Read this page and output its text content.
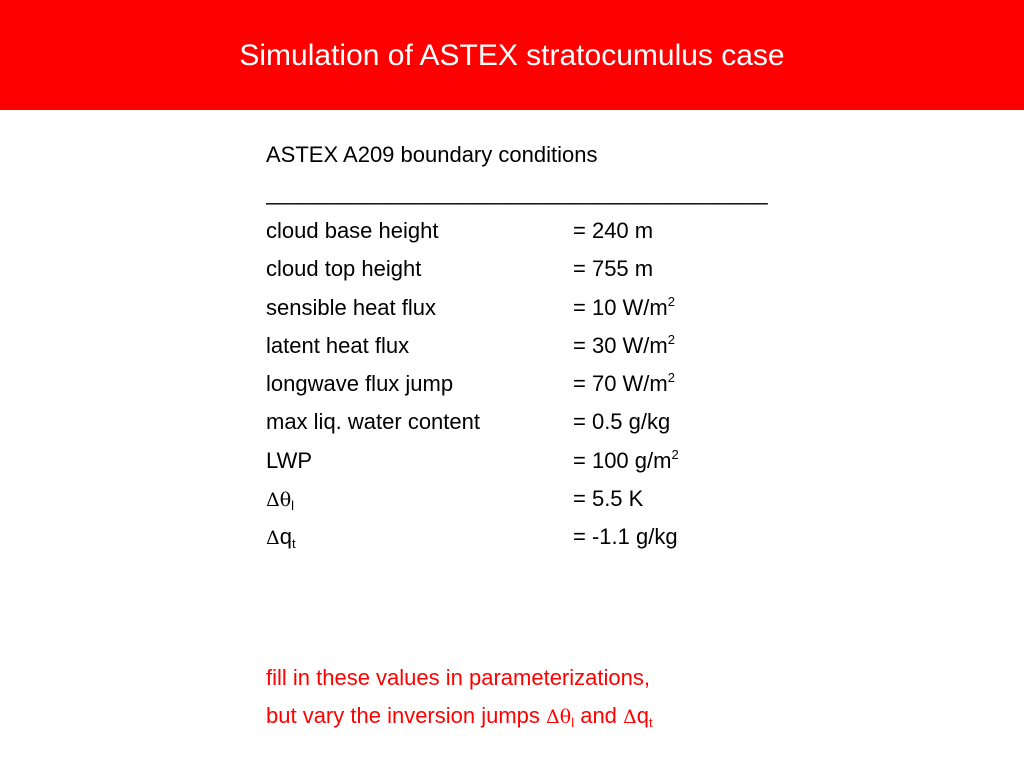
Simulation of ASTEX stratocumulus case
ASTEX A209 boundary conditions
_________________________________________
cloud base height	= 240 m
cloud top height	= 755 m
sensible heat flux	= 10 $W/m^2$
latent heat flux	= 30 $W/m^2$
longwave flux jump	= 70 $W/m^2$
max liq. water content	= 0.5 g/kg
LWP	= 100 $g/m^2$
$\Delta\theta_l$	= 5.5 K
$\Delta q_t$	= -1.1 g/kg
fill in these values in parameterizations,
but vary the inversion jumps $\Delta\theta_l$ and $\Delta q_t$
